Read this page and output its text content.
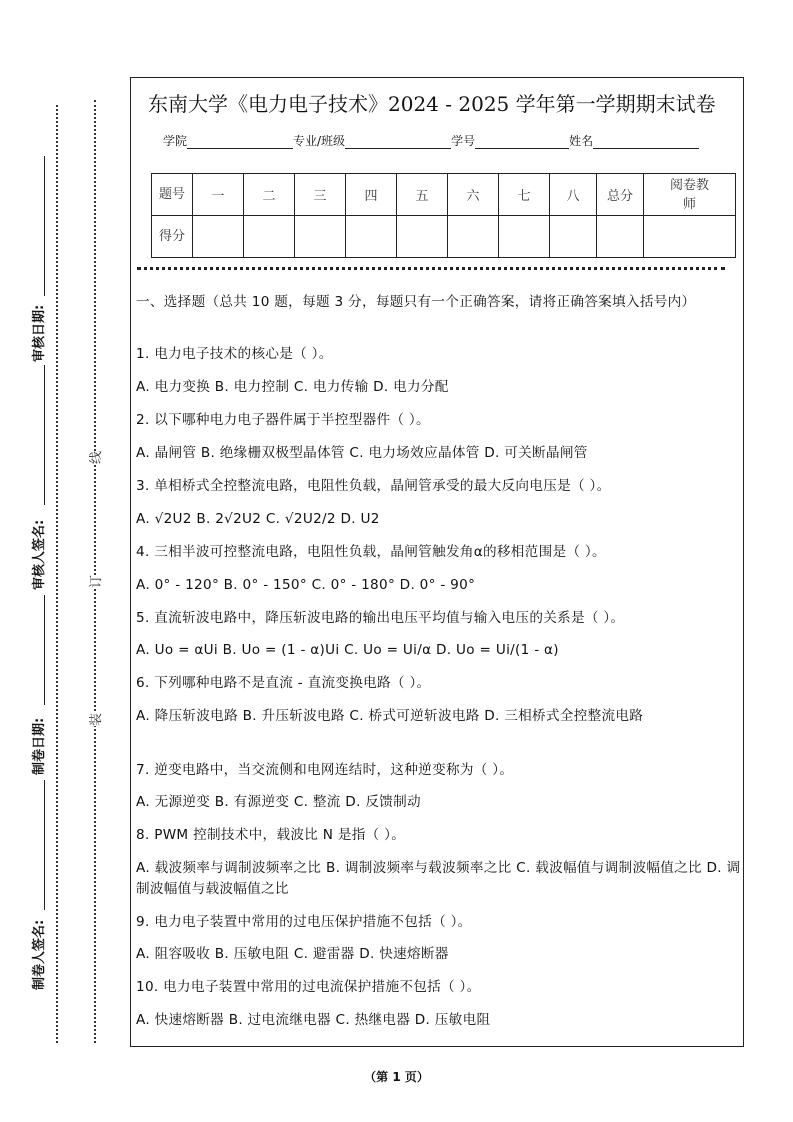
审核日期:
审核人签名:
制卷日期:
制卷人签名:
线
订
装
东南大学《电力电子技术》2024 - 2025 学年第一学期期末试卷
学院	专业/班级	学号	姓名
题号	一	二	三	四	五	六	七	八	总分	阅卷教师
得分										
一、选择题（总共 10 题，每题 3 分，每题只有一个正确答案，请将正确答案填入括号内）
1. 电力电子技术的核心是（ ）。
A. 电力变换 B. 电力控制 C. 电力传输 D. 电力分配
2. 以下哪种电力电子器件属于半控型器件（ ）。
A. 晶闸管 B. 绝缘栅双极型晶体管 C. 电力场效应晶体管 D. 可关断晶闸管
3. 单相桥式全控整流电路，电阻性负载，晶闸管承受的最大反向电压是（ ）。
A. √2U2 B. 2√2U2 C. √2U2/2 D. U2
4. 三相半波可控整流电路，电阻性负载，晶闸管触发角α的移相范围是（ ）。
A. 0° - 120° B. 0° - 150° C. 0° - 180° D. 0° - 90°
5. 直流斩波电路中，降压斩波电路的输出电压平均值与输入电压的关系是（ ）。
A. Uo = αUi B. Uo = (1 - α)Ui C. Uo = Ui/α D. Uo = Ui/(1 - α)
6. 下列哪种电路不是直流 - 直流变换电路（ ）。
A. 降压斩波电路 B. 升压斩波电路 C. 桥式可逆斩波电路 D. 三相桥式全控整流电路
7. 逆变电路中，当交流侧和电网连结时，这种逆变称为（ ）。
A. 无源逆变 B. 有源逆变 C. 整流 D. 反馈制动
8. PWM 控制技术中，载波比 N 是指（ ）。
A. 载波频率与调制波频率之比 B. 调制波频率与载波频率之比 C. 载波幅值与调制波幅值之比 D. 调制波幅值与载波幅值之比
9. 电力电子装置中常用的过电压保护措施不包括（ ）。
A. 阻容吸收 B. 压敏电阻 C. 避雷器 D. 快速熔断器
10. 电力电子装置中常用的过电流保护措施不包括（ ）。
A. 快速熔断器 B. 过电流继电器 C. 热继电器 D. 压敏电阻
（第 1 页）
